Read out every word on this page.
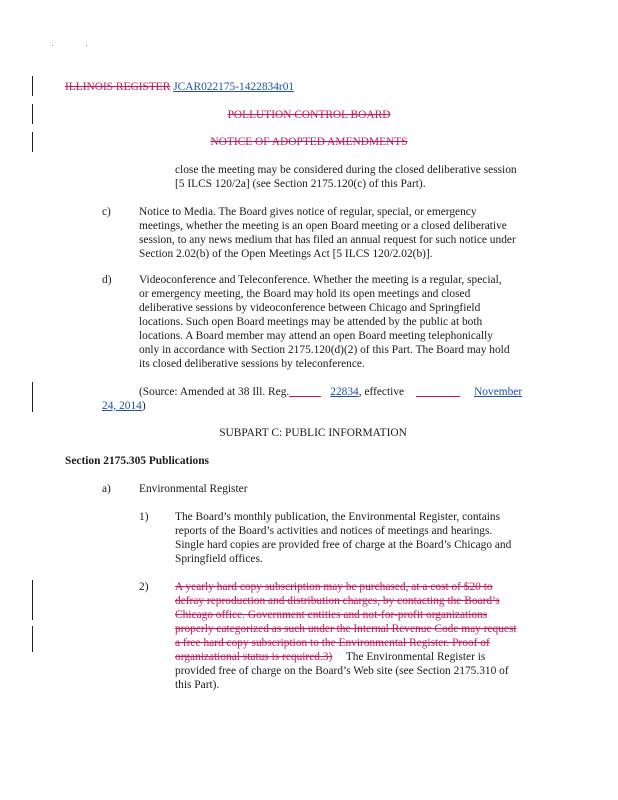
ILLINOIS REGISTER JCAR022175-1422834r01
POLLUTION CONTROL BOARD
NOTICE OF ADOPTED AMENDMENTS
close the meeting may be considered during the closed deliberative session
[5 ILCS 120/2a] (see Section 2175.120(c) of this Part).
c) Notice to Media. The Board gives notice of regular, special, or emergency
meetings, whether the meeting is an open Board meeting or a closed deliberative
session, to any news medium that has filed an annual request for such notice under
Section 2.02(b) of the Open Meetings Act [5 ILCS 120/2.02(b)].
d) Videoconference and Teleconference. Whether the meeting is a regular, special,
or emergency meeting, the Board may hold its open meetings and closed
deliberative sessions by videoconference between Chicago and Springfield
locations. Such open Board meetings may be attended by the public at both
locations. A Board member may attend an open Board meeting telephonically
only in accordance with Section 2175.120(d)(2) of this Part. The Board may hold
its closed deliberative sessions by teleconference.
(Source: Amended at 38 Ill. Reg.	22834, effective	November
24, 2014)
SUBPART C: PUBLIC INFORMATION
Section 2175.305 Publications
a) Environmental Register
1) The Board’s monthly publication, the Environmental Register, contains
reports of the Board’s activities and notices of meetings and hearings.
Single hard copies are provided free of charge at the Board’s Chicago and
Springfield offices.
2) A yearly hard copy subscription may be purchased, at a cost of $20 to
defray reproduction and distribution charges, by contacting the Board’s
Chicago office. Government entities and not-for-profit organizations
properly categorized as such under the Internal Revenue Code may request
a free hard copy subscription to the Environmental Register. Proof of
organizational status is required.3) The Environmental Register is
provided free of charge on the Board’s Web site (see Section 2175.310 of
this Part).
